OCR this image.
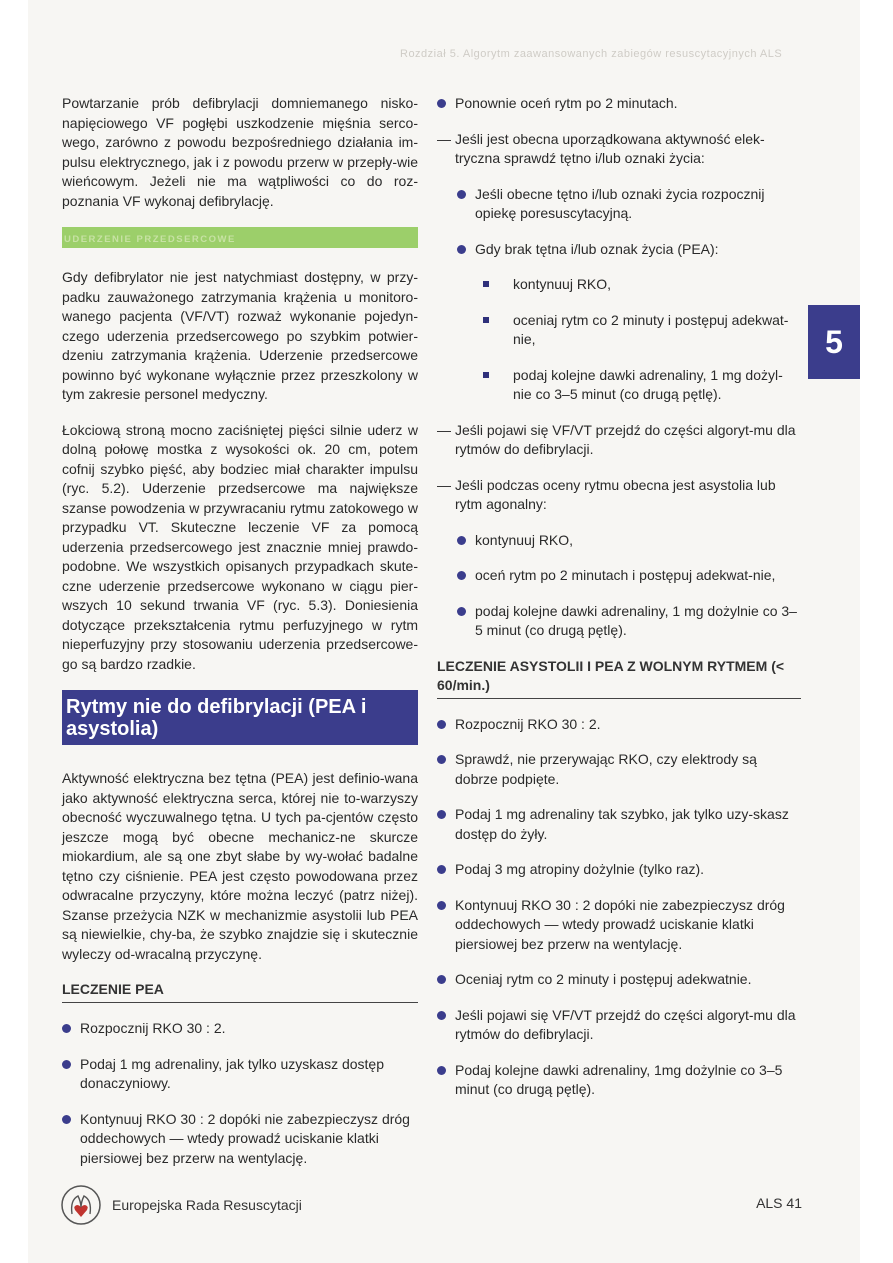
Rozdział 5. Algorytm zaawansowanych zabiegów resuscytacyjnych ALS

Powtarzanie prób defibrylacji domniemanego nisko-napięciowego VF pogłębi uszkodzenie mięśnia serco-wego, zarówno z powodu bezpośredniego działania im-pulsu elektrycznego, jak i z powodu przerw w przepły-wie wieńcowym. Jeżeli nie ma wątpliwości co do roz-poznania VF wykonaj defibrylację.

UDERZENIE PRZEDSERCOWE

Gdy defibrylator nie jest natychmiast dostępny, w przy-padku zauważonego zatrzymania krążenia u monitoro-wanego pacjenta (VF/VT) rozważ wykonanie pojedyn-czego uderzenia przedsercowego po szybkim potwier-dzeniu zatrzymania krążenia. Uderzenie przedsercowe powinno być wykonane wyłącznie przez przeszkolony w tym zakresie personel medyczny.

Łokciową stroną mocno zaciśniętej pięści silnie uderz w dolną połowę mostka z wysokości ok. 20 cm, potem cofnij szybko pięść, aby bodziec miał charakter impulsu (ryc. 5.2). Uderzenie przedsercowe ma największe szanse powodzenia w przywracaniu rytmu zatokowego w przypadku VT. Skuteczne leczenie VF za pomocą uderzenia przedsercowego jest znacznie mniej prawdo-podobne. We wszystkich opisanych przypadkach skute-czne uderzenie przedsercowe wykonano w ciągu pier-wszych 10 sekund trwania VF (ryc. 5.3). Doniesienia dotyczące przekształcenia rytmu perfuzyjnego w rytm nieperfuzyjny przy stosowaniu uderzenia przedsercowe-go są bardzo rzadkie.

Rytmy nie do defibrylacji (PEA i asystolia)

Aktywność elektryczna bez tętna (PEA) jest definio-wana jako aktywność elektryczna serca, której nie to-warzyszy obecność wyczuwalnego tętna. U tych pa-cjentów często jeszcze mogą być obecne mechanicz-ne skurcze miokardium, ale są one zbyt słabe by wy-wołać badalne tętno czy ciśnienie. PEA jest często powodowana przez odwracalne przyczyny, które można leczyć (patrz niżej). Szanse przeżycia NZK w mechanizmie asystolii lub PEA są niewielkie, chy-ba, że szybko znajdzie się i skutecznie wyleczy od-wracalną przyczynę.

LECZENIE PEA
Rozpocznij RKO 30 : 2.
Podaj 1 mg adrenaliny, jak tylko uzyskasz dostęp donaczyniowy.
Kontynuuj RKO 30 : 2 dopóki nie zabezpieczysz dróg oddechowych — wtedy prowadź uciskanie klatki piersiowej bez przerw na wentylację.
Ponownie oceń rytm po 2 minutach.
— Jeśli jest obecna uporządkowana aktywność elek-tryczna sprawdź tętno i/lub oznaki życia:
Jeśli obecne tętno i/lub oznaki życia rozpocznij opiekę poresuscytacyjną.
Gdy brak tętna i/lub oznak życia (PEA):
kontynuuj RKO,
oceniaj rytm co 2 minuty i postępuj adekwat-nie,
podaj kolejne dawki adrenaliny, 1 mg dożyl-nie co 3–5 minut (co drugą pętlę).
— Jeśli pojawi się VF/VT przejdź do części algoryt-mu dla rytmów do defibrylacji.
— Jeśli podczas oceny rytmu obecna jest asystolia lub rytm agonalny:
kontynuuj RKO,
oceń rytm po 2 minutach i postępuj adekwat-nie,
podaj kolejne dawki adrenaliny, 1 mg dożylnie co 3–5 minut (co drugą pętlę).
LECZENIE ASYSTOLII I PEA Z WOLNYM RYTMEM (< 60/min.)
Rozpocznij RKO 30 : 2.
Sprawdź, nie przerywając RKO, czy elektrody są dobrze podpięte.
Podaj 1 mg adrenaliny tak szybko, jak tylko uzy-skasz dostęp do żyły.
Podaj 3 mg atropiny dożylnie (tylko raz).
Kontynuuj RKO 30 : 2 dopóki nie zabezpieczysz dróg oddechowych — wtedy prowadź uciskanie klatki piersiowej bez przerw na wentylację.
Oceniaj rytm co 2 minuty i postępuj adekwatnie.
Jeśli pojawi się VF/VT przejdź do części algoryt-mu dla rytmów do defibrylacji.
Podaj kolejne dawki adrenaliny, 1mg dożylnie co 3–5 minut (co drugą pętlę).
5
Europejska Rada Resuscytacji	ALS 41
